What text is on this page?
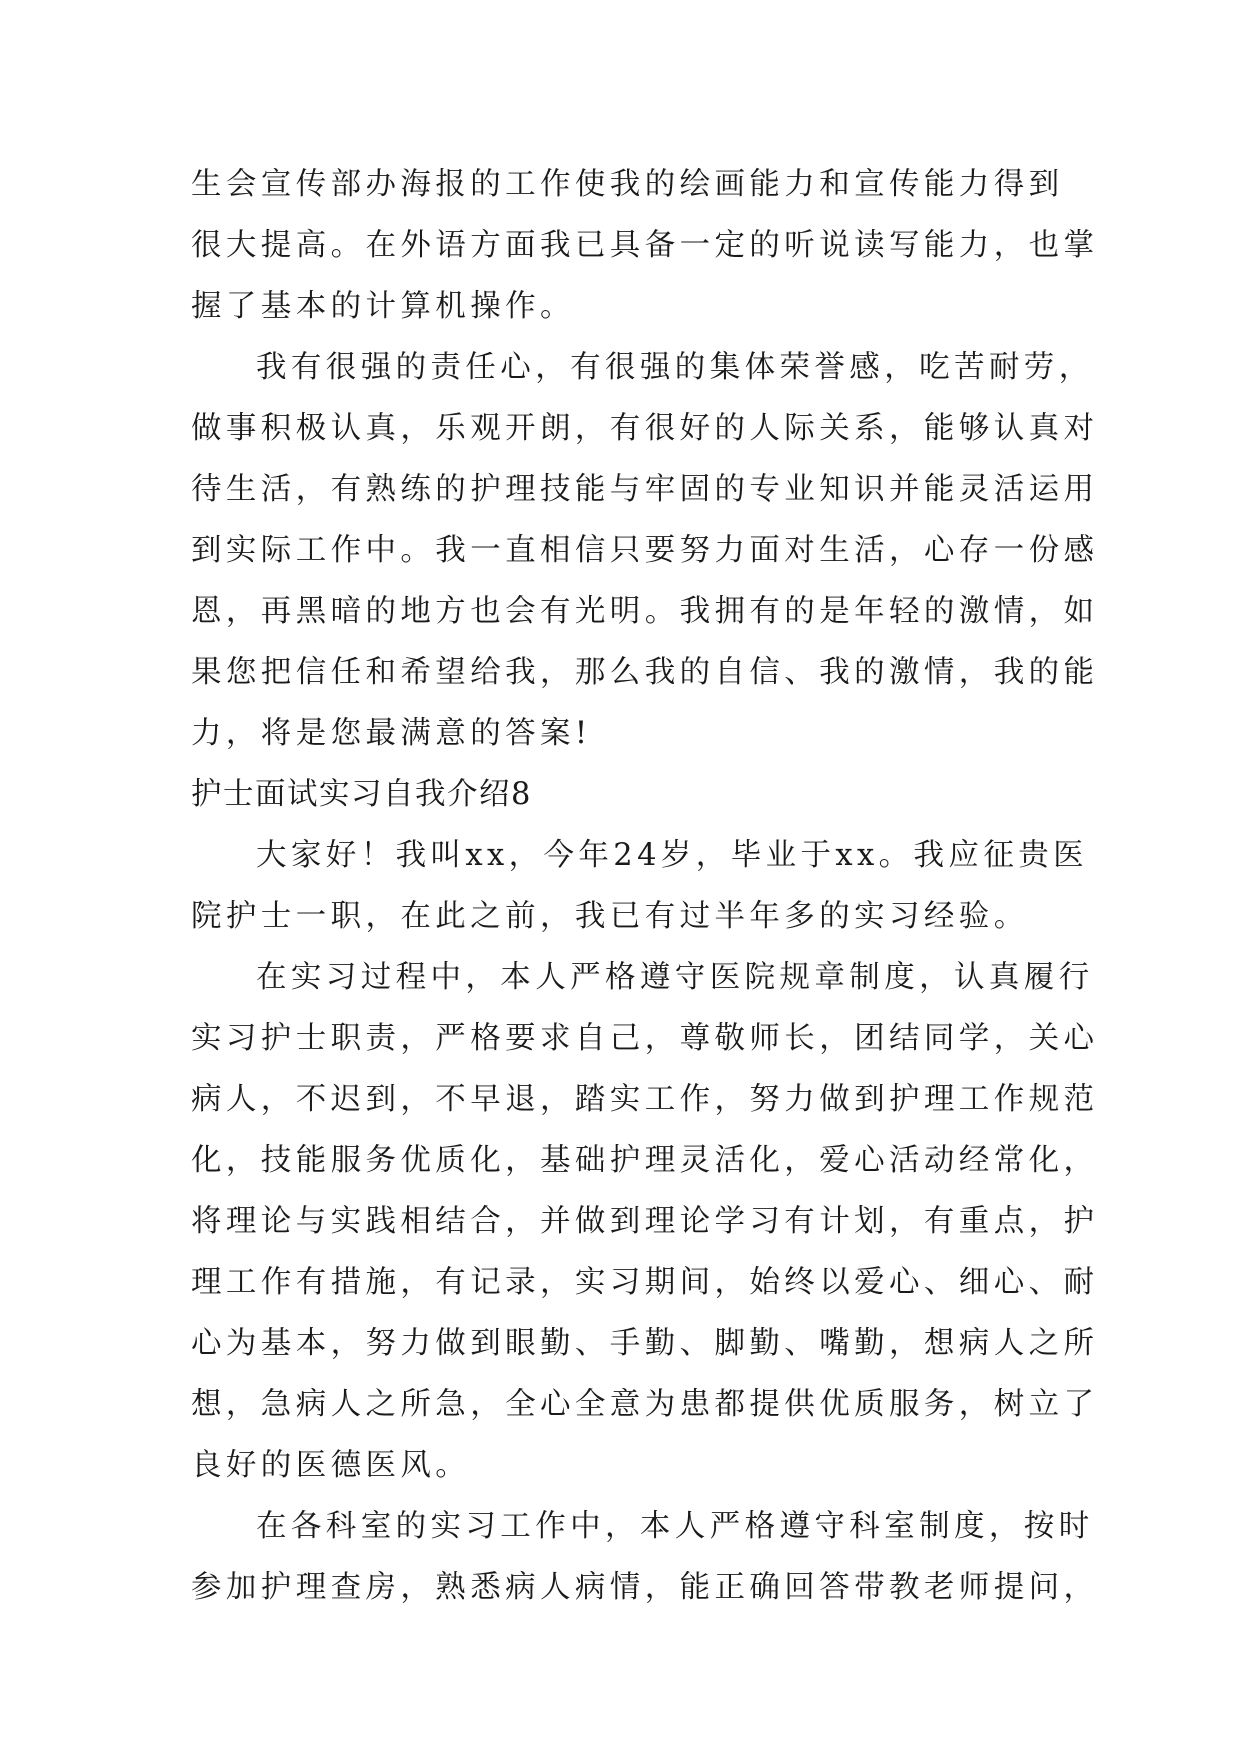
生会宣传部办海报的工作使我的绘画能力和宣传能力得到
很大提高。在外语方面我已具备一定的听说读写能力，也掌
握了基本的计算机操作。
我有很强的责任心，有很强的集体荣誉感，吃苦耐劳，
做事积极认真，乐观开朗，有很好的人际关系，能够认真对
待生活，有熟练的护理技能与牢固的专业知识并能灵活运用
到实际工作中。我一直相信只要努力面对生活，心存一份感
恩，再黑暗的地方也会有光明。我拥有的是年轻的激情，如
果您把信任和希望给我，那么我的自信、我的激情，我的能
力，将是您最满意的答案!
护士面试实习自我介绍8
大家好！我叫xx，今年24岁，毕业于xx。我应征贵医
院护士一职，在此之前，我已有过半年多的实习经验。
在实习过程中，本人严格遵守医院规章制度，认真履行
实习护士职责，严格要求自己，尊敬师长，团结同学，关心
病人，不迟到，不早退，踏实工作，努力做到护理工作规范
化，技能服务优质化，基础护理灵活化，爱心活动经常化，
将理论与实践相结合，并做到理论学习有计划，有重点，护
理工作有措施，有记录，实习期间，始终以爱心、细心、耐
心为基本，努力做到眼勤、手勤、脚勤、嘴勤，想病人之所
想，急病人之所急，全心全意为患都提供优质服务，树立了
良好的医德医风。
在各科室的实习工作中，本人严格遵守科室制度，按时
参加护理查房，熟悉病人病情，能正确回答带教老师提问，
